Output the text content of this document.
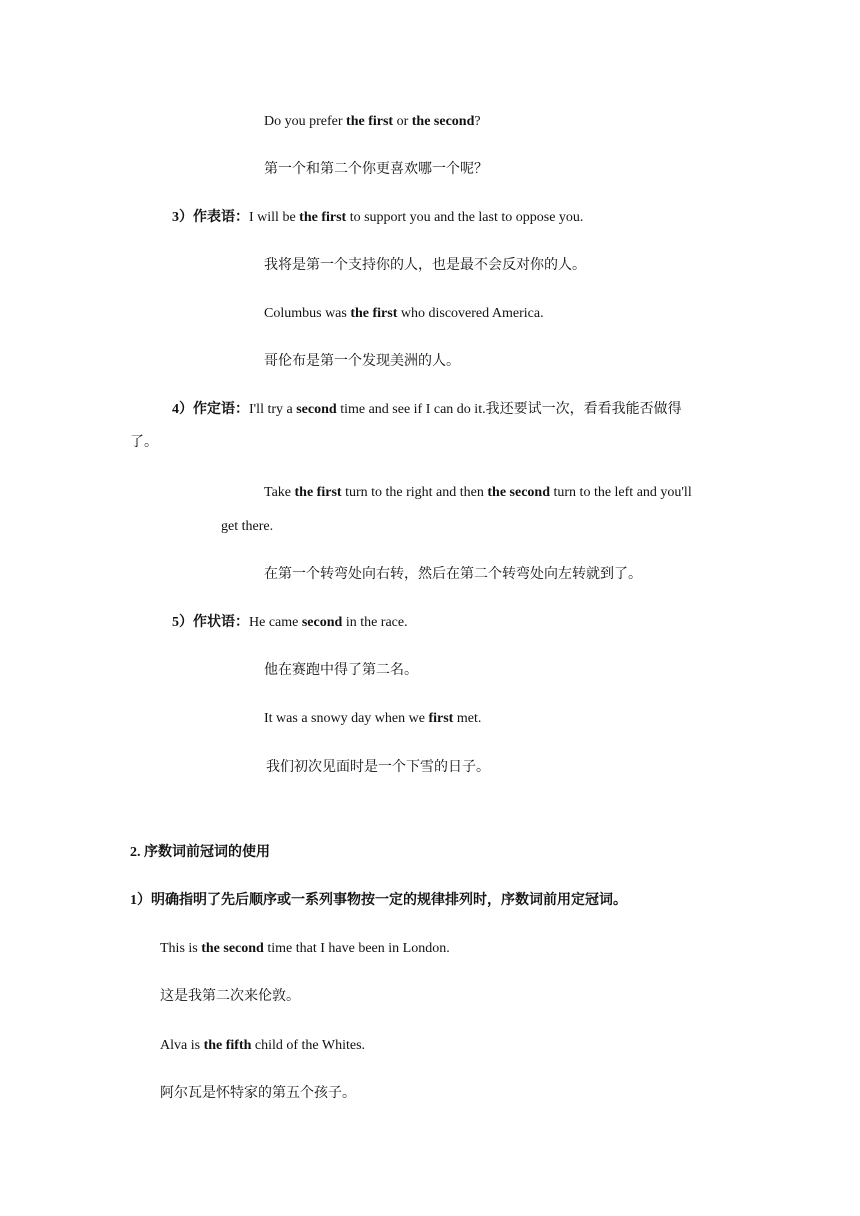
Do you prefer the first or the second?
第一个和第二个你更喜欢哪一个呢？
3）作表语：I will be the first to support you and the last to oppose you.
我将是第一个支持你的人，也是最不会反对你的人。
Columbus was the first who discovered America.
哥伦布是第一个发现美洲的人。
4）作定语：I'll try a second time and see if I can do it.我还要试一次，看看我能否做得
了。
Take the first turn to the right and then the second turn to the left and you'll
get there.
在第一个转弯处向右转，然后在第二个转弯处向左转就到了。
5）作状语：He came second in the race.
他在赛跑中得了第二名。
It was a snowy day when we first met.
我们初次见面时是一个下雪的日子。
2. 序数词前冠词的使用
1）明确指明了先后顺序或一系列事物按一定的规律排列时，序数词前用定冠词。
This is the second time that I have been in London.
这是我第二次来伦敦。
Alva is the fifth child of the Whites.
阿尔瓦是怀特家的第五个孩子。
